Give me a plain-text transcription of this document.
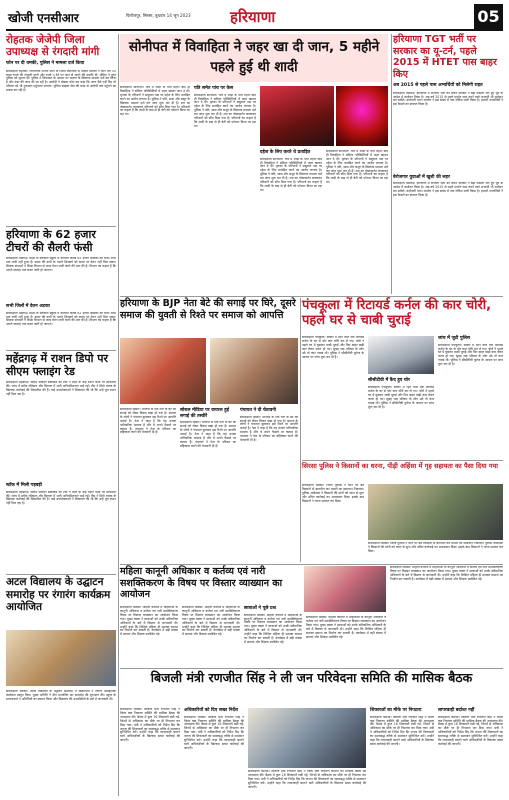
खोजी एनसीआर	फिरोजपुर, सिरसा, बुधवार 14 जून 2023	हरियाणा	05
रोहतक जेजेपी जिला उपाध्यक्ष से रंगदारी मांगी
फोन पर दी धमकी, पुलिस ने मामला दर्ज किया
संवाददाता रोहतक। जननायक जनता पार्टी के जिला उपाध्यक्ष से अज्ञात व्यक्ति ने फोन कर 50 लाख रुपये की रंगदारी मांगी और रुपये न देने पर जान से मारने की धमकी दी। पीड़ित ने तुरंत पुलिस को सूचना दी। पुलिस ने शिकायत के आधार पर अज्ञात के खिलाफ मामला दर्ज कर लिया है और नंबर की जांच की जा रही है। आरोपी ने दोबारा फोन कर कहा कि अगर पैसे नहीं दिए तो परिवार को भी नुकसान पहुंचाया जाएगा। पुलिस साइबर सेल की मदद से आरोपी तक पहुंचने का प्रयास कर रही है।
सोनीपत में विवाहिता ने जहर खा दी जान, 5 महीने पहले हुई थी शादी
संवाददाता सोनीपत। गांव में शादी के पांच महीने बाद ही विवाहिता ने संदिग्ध परिस्थितियों में जहर खाकर जान दे दी। मृतका के परिजनों ने ससुराल पक्ष पर दहेज के लिए प्रताड़ित करने का आरोप लगाया है। पुलिस ने पति, सास और ससुर के खिलाफ मामला दर्ज कर जांच शुरू कर दी है। शव का पोस्टमार्टम करवाकर परिजनों को सौंप दिया गया है। परिजनों का कहना है कि शादी के बाद से ही बेटी को परेशान किया जा रहा था।
पति समेत पांच पर केस
संवाददाता सोनीपत। गांव में शादी के पांच महीने बाद ही विवाहिता ने संदिग्ध परिस्थितियों में जहर खाकर जान दे दी। मृतका के परिजनों ने ससुराल पक्ष पर दहेज के लिए प्रताड़ित करने का आरोप लगाया है। पुलिस ने पति, सास और ससुर के खिलाफ मामला दर्ज कर जांच शुरू कर दी है। शव का पोस्टमार्टम करवाकर परिजनों को सौंप दिया गया है। परिजनों का कहना है कि शादी के बाद से ही बेटी को परेशान किया जा रहा था।
दहेज के लिए करते थे प्रताड़ित
संवाददाता सोनीपत। गांव में शादी के पांच महीने बाद ही विवाहिता ने संदिग्ध परिस्थितियों में जहर खाकर जान दे दी। मृतका के परिजनों ने ससुराल पक्ष पर दहेज के लिए प्रताड़ित करने का आरोप लगाया है। पुलिस ने पति, सास और ससुर के खिलाफ मामला दर्ज कर जांच शुरू कर दी है। शव का पोस्टमार्टम करवाकर परिजनों को सौंप दिया गया है। परिजनों का कहना है कि शादी के बाद से ही बेटी को परेशान किया जा रहा था।
संवाददाता सोनीपत। गांव में शादी के पांच महीने बाद ही विवाहिता ने संदिग्ध परिस्थितियों में जहर खाकर जान दे दी। मृतका के परिजनों ने ससुराल पक्ष पर दहेज के लिए प्रताड़ित करने का आरोप लगाया है। पुलिस ने पति, सास और ससुर के खिलाफ मामला दर्ज कर जांच शुरू कर दी है। शव का पोस्टमार्टम करवाकर परिजनों को सौंप दिया गया है। परिजनों का कहना है कि शादी के बाद से ही बेटी को परेशान किया जा रहा था।
हरियाणा TGT भर्ती पर सरकार का यू-टर्न, पहले 2015 में HTET पास बाहर किए
अब 2015 से पहले पास अभ्यर्थियों को मिलेगी राहत
संवाददाता चंडीगढ़। हरियाणा में टीजीटी भर्ती को लेकर सरकार ने बड़ा फैसला लेते हुए पूर्व के आदेश में संशोधन किया है। अब वर्ष 2015 से पहले एचटेट पास करने वाले अभ्यर्थी भी आवेदन कर सकेंगे। कर्मचारी चयन आयोग ने इस संबंध में नया नोटिस जारी किया है। हजारों अभ्यर्थियों ने इस फैसले का स्वागत किया है।
बेरोजगार युवाओं में खुशी की लहर
संवाददाता चंडीगढ़। हरियाणा में टीजीटी भर्ती को लेकर सरकार ने बड़ा फैसला लेते हुए पूर्व के आदेश में संशोधन किया है। अब वर्ष 2015 से पहले एचटेट पास करने वाले अभ्यर्थी भी आवेदन कर सकेंगे। कर्मचारी चयन आयोग ने इस संबंध में नया नोटिस जारी किया है। हजारों अभ्यर्थियों ने इस फैसले का स्वागत किया है।
हरियाणा के 62 हजार टीचरों की सैलरी फंसी
संवाददाता चंडीगढ़। प्रदेश के सरकारी स्कूलों में कार्यरत करीब 62 हजार शिक्षकों का वेतन अभी तक जारी नहीं हुआ है। बजट की कमी के चलते शिक्षकों को समय पर वेतन नहीं मिल सका। शिक्षक संगठनों ने शिक्षा विभाग से जल्द वेतन जारी करने की मांग की है। विभाग का कहना है कि अगले सप्ताह तक बजट जारी हो जाएगा।
सभी जिलों में वेतन अटका
संवाददाता चंडीगढ़। प्रदेश के सरकारी स्कूलों में कार्यरत करीब 62 हजार शिक्षकों का वेतन अभी तक जारी नहीं हुआ है। बजट की कमी के चलते शिक्षकों को समय पर वेतन नहीं मिल सका। शिक्षक संगठनों ने शिक्षा विभाग से जल्द वेतन जारी करने की मांग की है। विभाग का कहना है कि अगले सप्ताह तक बजट जारी हो जाएगा।
महेंद्रगढ़ में राशन डिपो पर सीएम फ्लाइंग रेड
संवाददाता महेंद्रगढ़। सीएम फ्लाइंग स्क्वायड की टीम ने शहर के कई राशन डिपो पर छापेमारी की। जांच में स्टॉक रजिस्टर और वितरण में भारी अनियमितताएं पाई गईं। टीम ने डिपो धारक के खिलाफ कार्रवाई की सिफारिश की है। कई उपभोक्ताओं ने शिकायत की थी कि उन्हें पूरा राशन नहीं मिल रहा है।
स्टॉक में मिली गड़बड़ी
संवाददाता महेंद्रगढ़। सीएम फ्लाइंग स्क्वायड की टीम ने शहर के कई राशन डिपो पर छापेमारी की। जांच में स्टॉक रजिस्टर और वितरण में भारी अनियमितताएं पाई गईं। टीम ने डिपो धारक के खिलाफ कार्रवाई की सिफारिश की है। कई उपभोक्ताओं ने शिकायत की थी कि उन्हें पूरा राशन नहीं मिल रहा है।
अटल विद्यालय के उद्घाटन समारोह पर रंगारंग कार्यक्रम आयोजित
संवाददाता सिरसा। अटल विद्यालय के उद्घाटन समारोह में विद्यार्थियों ने रंगारंग सांस्कृतिक कार्यक्रम प्रस्तुत किए। मुख्य अतिथि ने दीप प्रज्वलित कर समारोह की शुरुआत की। स्कूल के प्रधानाचार्य ने अतिथियों का स्वागत किया और विद्यालय की उपलब्धियों के बारे में जानकारी दी।
हरियाणा के BJP नेता बेटे की सगाई पर घिरे, दूसरे समाज की युवती से रिश्ते पर समाज को आपत्ति
संवाददाता हिसार। भाजपा के एक नेता के बेटे की सगाई को लेकर विवाद खड़ा हो गया है। समाज के लोगों ने पंचायत बुलाकर इस रिश्ते पर आपत्ति जताई है। नेता ने कहा है कि यह उनका पारिवारिक मामला है और वे अपने फैसले पर कायम हैं। पंचायत ने नेता के परिवार का बहिष्कार करने की चेतावनी दी है।
सोशल मीडिया पर वायरल हुई सगाई की तस्वीरें
संवाददाता हिसार। भाजपा के एक नेता के बेटे की सगाई को लेकर विवाद खड़ा हो गया है। समाज के लोगों ने पंचायत बुलाकर इस रिश्ते पर आपत्ति जताई है। नेता ने कहा है कि यह उनका पारिवारिक मामला है और वे अपने फैसले पर कायम हैं। पंचायत ने नेता के परिवार का बहिष्कार करने की चेतावनी दी है।
पंचायत ने दी चेतावनी
संवाददाता हिसार। भाजपा के एक नेता के बेटे की सगाई को लेकर विवाद खड़ा हो गया है। समाज के लोगों ने पंचायत बुलाकर इस रिश्ते पर आपत्ति जताई है। नेता ने कहा है कि यह उनका पारिवारिक मामला है और वे अपने फैसले पर कायम हैं। पंचायत ने नेता के परिवार का बहिष्कार करने की चेतावनी दी है।
पंचकूला में रिटायर्ड कर्नल की कार चोरी, पहले घर से चाबी चुराई
संवाददाता पंचकूला। सेक्टर में रहने वाले एक रिटायर्ड कर्नल के घर से चोर कार चोरी कर ले गए। चोरों ने पहले घर में घुसकर चाबी चुराई और फिर बाहर खड़ी कार लेकर फरार हो गए। सुबह जब परिवार के लोग उठे तो कार गायब थी। पुलिस ने सीसीटीवी फुटेज के आधार पर जांच शुरू कर दी है।
सीसीटीवी में कैद हुए चोर
संवाददाता पंचकूला। सेक्टर में रहने वाले एक रिटायर्ड कर्नल के घर से चोर कार चोरी कर ले गए। चोरों ने पहले घर में घुसकर चाबी चुराई और फिर बाहर खड़ी कार लेकर फरार हो गए। सुबह जब परिवार के लोग उठे तो कार गायब थी। पुलिस ने सीसीटीवी फुटेज के आधार पर जांच शुरू कर दी है।
जांच में जुटी पुलिस
संवाददाता पंचकूला। सेक्टर में रहने वाले एक रिटायर्ड कर्नल के घर से चोर कार चोरी कर ले गए। चोरों ने पहले घर में घुसकर चाबी चुराई और फिर बाहर खड़ी कार लेकर फरार हो गए। सुबह जब परिवार के लोग उठे तो कार गायब थी। पुलिस ने सीसीटीवी फुटेज के आधार पर जांच शुरू कर दी है।
सिरसा पुलिस ने किसानों का धरना, पीड़ी अहिंसा में गृह सहायता का पैसा दिया गया
संवाददाता सिरसा। जिला पुलिस ने धरने पर बैठे किसानों से बातचीत कर मामले का समाधान निकाला। पुलिस अधीक्षक ने किसानों की मांगों को ध्यान से सुना और उचित कार्रवाई का आश्वासन दिया। इसके बाद किसानों ने धरना समाप्त कर दिया।
संवाददाता सिरसा। जिला पुलिस ने धरने पर बैठे किसानों से बातचीत कर मामले का समाधान निकाला। पुलिस अधीक्षक ने किसानों की मांगों को ध्यान से सुना और उचित कार्रवाई का आश्वासन दिया। इसके बाद किसानों ने धरना समाप्त कर दिया।
महिला कानूनी अधिकार व कर्तव्य एवं नारी सशक्तिकरण के विषय पर विस्तार व्याख्यान का आयोजन
संवाददाता सिरसा। महिला कॉलेज में महिलाओं के कानूनी अधिकार व कर्तव्य एवं नारी सशक्तिकरण विषय पर विस्तार व्याख्यान का आयोजन किया गया। मुख्य वक्ता ने छात्राओं को उनके संवैधानिक अधिकारों के बारे में विस्तार से जानकारी दी। उन्होंने कहा कि शिक्षित महिला ही सशक्त समाज का निर्माण कर सकती है। कार्यक्रम में बड़ी संख्या में छात्राएं और शिक्षक उपस्थित रहे।
संवाददाता सिरसा। महिला कॉलेज में महिलाओं के कानूनी अधिकार व कर्तव्य एवं नारी सशक्तिकरण विषय पर विस्तार व्याख्यान का आयोजन किया गया। मुख्य वक्ता ने छात्राओं को उनके संवैधानिक अधिकारों के बारे में विस्तार से जानकारी दी। उन्होंने कहा कि शिक्षित महिला ही सशक्त समाज का निर्माण कर सकती है। कार्यक्रम में बड़ी संख्या में छात्राएं और शिक्षक उपस्थित रहे।
छात्राओं ने पूछे प्रश्न
संवाददाता सिरसा। महिला कॉलेज में महिलाओं के कानूनी अधिकार व कर्तव्य एवं नारी सशक्तिकरण विषय पर विस्तार व्याख्यान का आयोजन किया गया। मुख्य वक्ता ने छात्राओं को उनके संवैधानिक अधिकारों के बारे में विस्तार से जानकारी दी। उन्होंने कहा कि शिक्षित महिला ही सशक्त समाज का निर्माण कर सकती है। कार्यक्रम में बड़ी संख्या में छात्राएं और शिक्षक उपस्थित रहे।
संवाददाता सिरसा। महिला कॉलेज में महिलाओं के कानूनी अधिकार व कर्तव्य एवं नारी सशक्तिकरण विषय पर विस्तार व्याख्यान का आयोजन किया गया। मुख्य वक्ता ने छात्राओं को उनके संवैधानिक अधिकारों के बारे में विस्तार से जानकारी दी। उन्होंने कहा कि शिक्षित महिला ही सशक्त समाज का निर्माण कर सकती है। कार्यक्रम में बड़ी संख्या में छात्राएं और शिक्षक उपस्थित रहे।
संवाददाता सिरसा। महिला कॉलेज में महिलाओं के कानूनी अधिकार व कर्तव्य एवं नारी सशक्तिकरण विषय पर विस्तार व्याख्यान का आयोजन किया गया। मुख्य वक्ता ने छात्राओं को उनके संवैधानिक अधिकारों के बारे में विस्तार से जानकारी दी। उन्होंने कहा कि शिक्षित महिला ही सशक्त समाज का निर्माण कर सकती है। कार्यक्रम में बड़ी संख्या में छात्राएं और शिक्षक उपस्थित रहे।
बिजली मंत्री रणजीत सिंह ने ली जन परिवेदना समिति की मासिक बैठक
संवाददाता सिरसा। बिजली मंत्री रणजीत सिंह ने जिला कष्ट निवारण समिति की मासिक बैठक की अध्यक्षता की। बैठक में कुल 16 शिकायतें रखी गईं, जिनमें से अधिकांश का मौके पर ही निपटारा कर दिया गया। मंत्री ने अधिकारियों को निर्देश दिए कि जनता की शिकायतों का समयबद्ध तरीके से समाधान सुनिश्चित करें। उन्होंने कहा कि लापरवाही बरतने वाले अधिकारियों के खिलाफ सख्त कार्रवाई की जाएगी।
अधिकारियों को दिए सख्त निर्देश
संवाददाता सिरसा। बिजली मंत्री रणजीत सिंह ने जिला कष्ट निवारण समिति की मासिक बैठक की अध्यक्षता की। बैठक में कुल 16 शिकायतें रखी गईं, जिनमें से अधिकांश का मौके पर ही निपटारा कर दिया गया। मंत्री ने अधिकारियों को निर्देश दिए कि जनता की शिकायतों का समयबद्ध तरीके से समाधान सुनिश्चित करें। उन्होंने कहा कि लापरवाही बरतने वाले अधिकारियों के खिलाफ सख्त कार्रवाई की जाएगी।
संवाददाता सिरसा। बिजली मंत्री रणजीत सिंह ने जिला कष्ट निवारण समिति की मासिक बैठक की अध्यक्षता की। बैठक में कुल 16 शिकायतें रखी गईं, जिनमें से अधिकांश का मौके पर ही निपटारा कर दिया गया। मंत्री ने अधिकारियों को निर्देश दिए कि जनता की शिकायतों का समयबद्ध तरीके से समाधान सुनिश्चित करें। उन्होंने कहा कि लापरवाही बरतने वाले अधिकारियों के खिलाफ सख्त कार्रवाई की जाएगी।
शिकायतों का मौके पर निपटारा
संवाददाता सिरसा। बिजली मंत्री रणजीत सिंह ने जिला कष्ट निवारण समिति की मासिक बैठक की अध्यक्षता की। बैठक में कुल 16 शिकायतें रखी गईं, जिनमें से अधिकांश का मौके पर ही निपटारा कर दिया गया। मंत्री ने अधिकारियों को निर्देश दिए कि जनता की शिकायतों का समयबद्ध तरीके से समाधान सुनिश्चित करें। उन्होंने कहा कि लापरवाही बरतने वाले अधिकारियों के खिलाफ सख्त कार्रवाई की जाएगी।
लापरवाही बर्दाश्त नहीं
संवाददाता सिरसा। बिजली मंत्री रणजीत सिंह ने जिला कष्ट निवारण समिति की मासिक बैठक की अध्यक्षता की। बैठक में कुल 16 शिकायतें रखी गईं, जिनमें से अधिकांश का मौके पर ही निपटारा कर दिया गया। मंत्री ने अधिकारियों को निर्देश दिए कि जनता की शिकायतों का समयबद्ध तरीके से समाधान सुनिश्चित करें। उन्होंने कहा कि लापरवाही बरतने वाले अधिकारियों के खिलाफ सख्त कार्रवाई की जाएगी।
